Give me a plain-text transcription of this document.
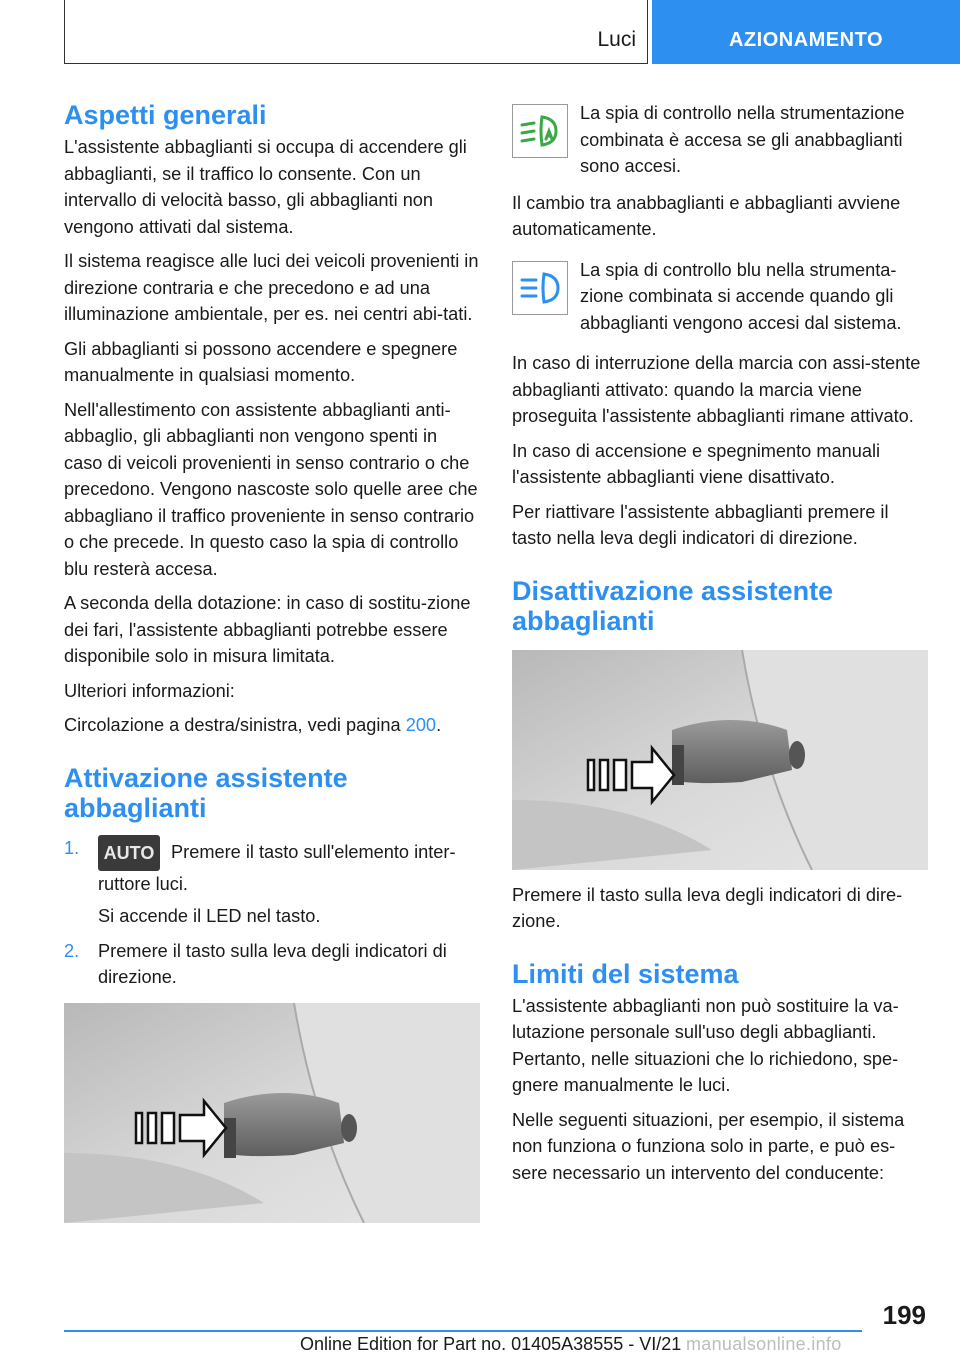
Luci	AZIONAMENTO
Aspetti generali

L'assistente abbaglianti si occupa di accendere gli abbaglianti, se il traffico lo consente. Con un intervallo di velocità basso, gli abbaglianti non vengono attivati dal sistema.

Il sistema reagisce alle luci dei veicoli provenienti in direzione contraria e che precedono e ad una illuminazione ambientale, per es. nei centri abi-tati.

Gli abbaglianti si possono accendere e spegnere manualmente in qualsiasi momento.

Nell'allestimento con assistente abbaglianti anti-abbaglio, gli abbaglianti non vengono spenti in caso di veicoli provenienti in senso contrario o che precedono. Vengono nascoste solo quelle aree che abbagliano il traffico proveniente in senso contrario o che precede. In questo caso la spia di controllo blu resterà accesa.

A seconda della dotazione: in caso di sostitu-zione dei fari, l'assistente abbaglianti potrebbe essere disponibile solo in misura limitata.

Ulteriori informazioni:

Circolazione a destra/sinistra, vedi pagina 200.

Attivazione assistente abbaglianti
1. AUTO Premere il tasto sull'elemento inter-ruttore luci.
Si accende il LED nel tasto.
2. Premere il tasto sulla leva degli indicatori di direzione.
La spia di controllo nella strumentazione combinata è accesa se gli anabbaglianti sono accesi.

Il cambio tra anabbaglianti e abbaglianti avviene automaticamente.

La spia di controllo blu nella strumenta-zione combinata si accende quando gli abbaglianti vengono accesi dal sistema.

In caso di interruzione della marcia con assi-stente abbaglianti attivato: quando la marcia viene proseguita l'assistente abbaglianti rimane attivato.

In caso di accensione e spegnimento manuali l'assistente abbaglianti viene disattivato.

Per riattivare l'assistente abbaglianti premere il tasto nella leva degli indicatori di direzione.

Disattivazione assistente abbaglianti

Premere il tasto sulla leva degli indicatori di dire-zione.

Limiti del sistema

L'assistente abbaglianti non può sostituire la va-lutazione personale sull'uso degli abbaglianti. Pertanto, nelle situazioni che lo richiedono, spe-gnere manualmente le luci.

Nelle seguenti situazioni, per esempio, il sistema non funziona o funziona solo in parte, e può es-sere necessario un intervento del conducente:

199
Online Edition for Part no. 01405A38555 - VI/21 manualsonline.info
